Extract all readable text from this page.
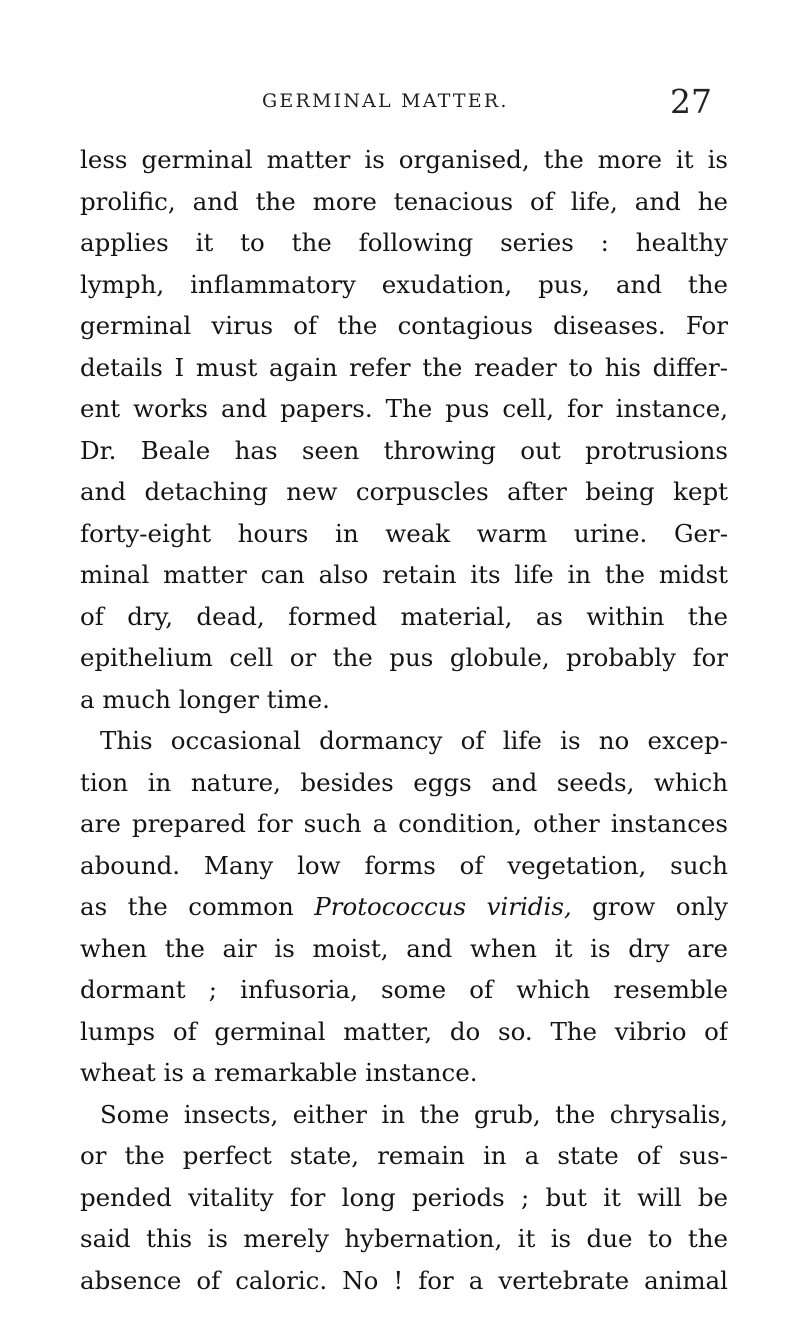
GERMINAL MATTER.	27
less germinal matter is organised, the more it is
prolific, and the more tenacious of life, and he
applies it to the following series : healthy
lymph, inflammatory exudation, pus, and the
germinal virus of the contagious diseases. For
details I must again refer the reader to his differ-
ent works and papers. The pus cell, for instance,
Dr. Beale has seen throwing out protrusions
and detaching new corpuscles after being kept
forty-eight hours in weak warm urine. Ger-
minal matter can also retain its life in the midst
of dry, dead, formed material, as within the
epithelium cell or the pus globule, probably for
a much longer time.
This occasional dormancy of life is no excep-
tion in nature, besides eggs and seeds, which
are prepared for such a condition, other instances
abound. Many low forms of vegetation, such
as the common Protococcus viridis, grow only
when the air is moist, and when it is dry are
dormant ; infusoria, some of which resemble
lumps of germinal matter, do so. The vibrio of
wheat is a remarkable instance.
Some insects, either in the grub, the chrysalis,
or the perfect state, remain in a state of sus-
pended vitality for long periods ; but it will be
said this is merely hybernation, it is due to the
absence of caloric. No ! for a vertebrate animal
